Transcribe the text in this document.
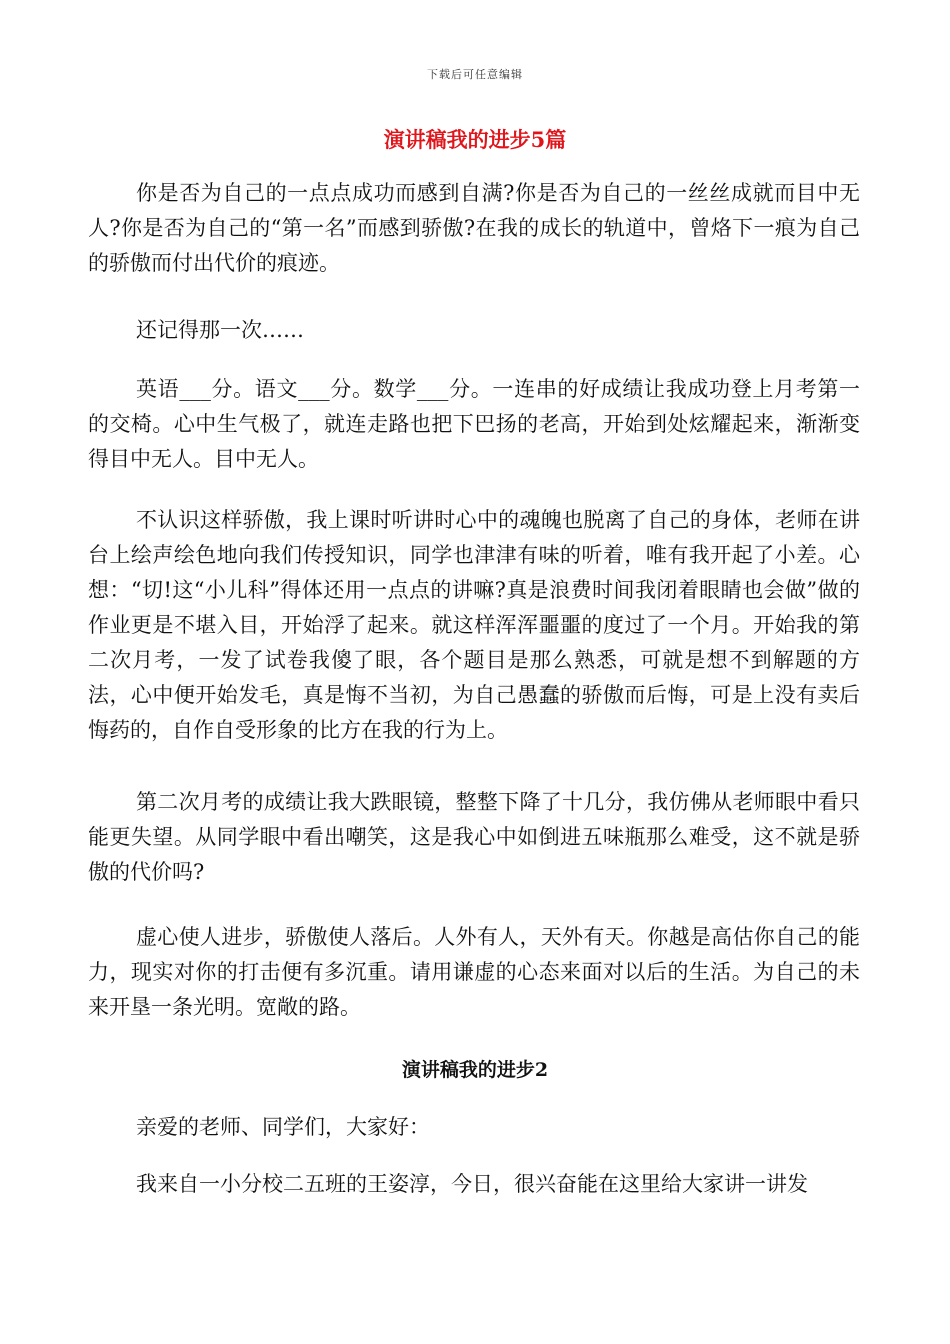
下载后可任意编辑
演讲稿我的进步5篇

你是否为自己的一点点成功而感到自满?你是否为自己的一丝丝成就而目中无人?你是否为自己的“第一名”而感到骄傲?在我的成长的轨道中，曾烙下一痕为自己的骄傲而付出代价的痕迹。

还记得那一次……

英语___分。语文___分。数学___分。一连串的好成绩让我成功登上月考第一的交椅。心中生气极了，就连走路也把下巴扬的老高，开始到处炫耀起来，渐渐变得目中无人。目中无人。

不认识这样骄傲，我上课时听讲时心中的魂魄也脱离了自己的身体，老师在讲台上绘声绘色地向我们传授知识，同学也津津有味的听着，唯有我开起了小差。心想：“切!这“小儿科”得体还用一点点的讲嘛?真是浪费时间我闭着眼睛也会做”做的作业更是不堪入目，开始浮了起来。就这样浑浑噩噩的度过了一个月。开始我的第二次月考，一发了试卷我傻了眼，各个题目是那么熟悉，可就是想不到解题的方法，心中便开始发毛，真是悔不当初，为自己愚蠢的骄傲而后悔，可是上没有卖后悔药的，自作自受形象的比方在我的行为上。

第二次月考的成绩让我大跌眼镜，整整下降了十几分，我仿佛从老师眼中看只能更失望。从同学眼中看出嘲笑，这是我心中如倒进五味瓶那么难受，这不就是骄傲的代价吗?

虚心使人进步，骄傲使人落后。人外有人，天外有天。你越是高估你自己的能力，现实对你的打击便有多沉重。请用谦虚的心态来面对以后的生活。为自己的未来开垦一条光明。宽敞的路。

演讲稿我的进步2

亲爱的老师、同学们，大家好：

我来自一小分校二五班的王姿淳，今日，很兴奋能在这里给大家讲一讲发
